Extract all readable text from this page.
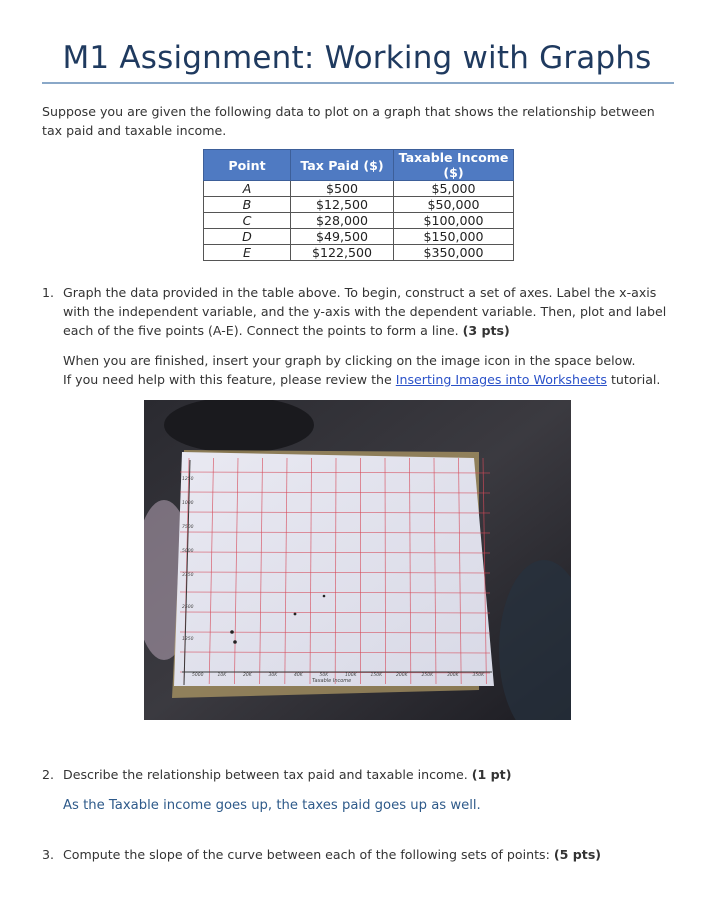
M1 Assignment: Working with Graphs
Suppose you are given the following data to plot on a graph that shows the relationship between tax paid and taxable income.
Point	Tax Paid ($)	Taxable Income ($)
A	$500	$5,000
B	$12,500	$50,000
C	$28,000	$100,000
D	$49,500	$150,000
E	$122,500	$350,000
1. Graph the data provided in the table above. To begin, construct a set of axes. Label the x-axis with the independent variable, and the y-axis with the dependent variable. Then, plot and label each of the five points (A-E). Connect the points to form a line. (3 pts)
When you are finished, insert your graph by clicking on the image icon in the space below.
If you need help with this feature, please review the Inserting Images into Worksheets tutorial.
1250
1000
7500
5000
3750
2500
1250
5000	10K	20K	30K	40K	50K	100K	150K	200K	250K	300K	350K
Taxable Income
2. Describe the relationship between tax paid and taxable income. (1 pt)
As the Taxable income goes up, the taxes paid goes up as well.
3. Compute the slope of the curve between each of the following sets of points: (5 pts)
